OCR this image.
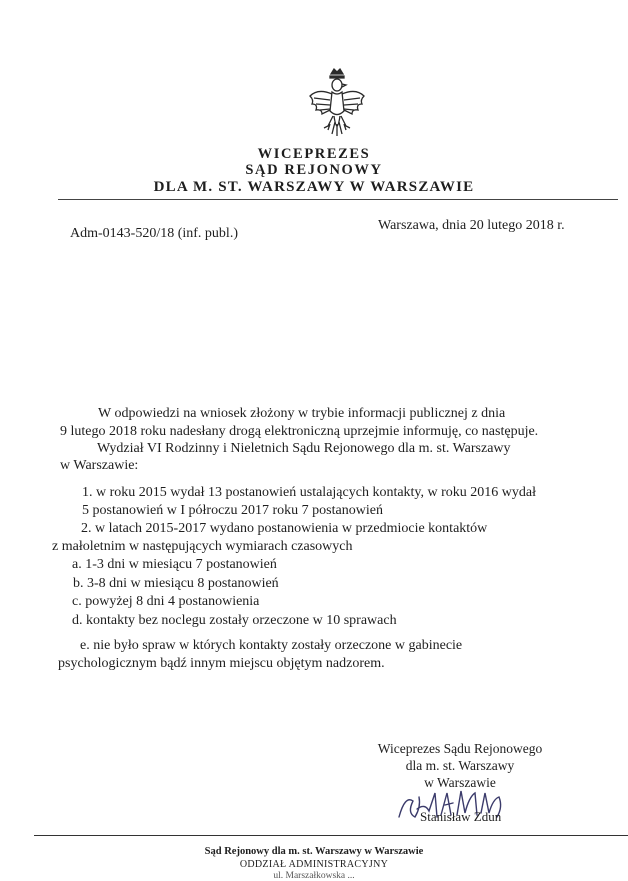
WICEPREZES
SĄD REJONOWY
DLA M. ST. WARSZAWY W WARSZAWIE
Warszawa, dnia 20 lutego 2018 r.
Adm-0143-520/18 (inf. publ.)
W odpowiedzi na wniosek złożony w trybie informacji publicznej z dnia
9 lutego 2018 roku nadesłany drogą elektroniczną uprzejmie informuję, co następuje.
Wydział VI Rodzinny i Nieletnich Sądu Rejonowego dla m. st. Warszawy
w Warszawie:
1. w roku 2015 wydał 13 postanowień ustalających kontakty, w roku 2016 wydał
5 postanowień w I półroczu 2017 roku 7 postanowień
2. w latach 2015-2017 wydano postanowienia w przedmiocie kontaktów
z małoletnim w następujących wymiarach czasowych
a. 1-3 dni w miesiącu 7 postanowień
b. 3-8 dni w miesiącu 8 postanowień
c. powyżej 8 dni 4 postanowienia
d. kontakty bez noclegu zostały orzeczone w 10 sprawach
e. nie było spraw w których kontakty zostały orzeczone w gabinecie
psychologicznym bądź innym miejscu objętym nadzorem.
Wiceprezes Sądu Rejonowego
dla m. st. Warszawy
w Warszawie
Stanisław Zdun
Sąd Rejonowy dla m. st. Warszawy w Warszawie
ODDZIAŁ ADMINISTRACYJNY
ul. Marszałkowska ...
